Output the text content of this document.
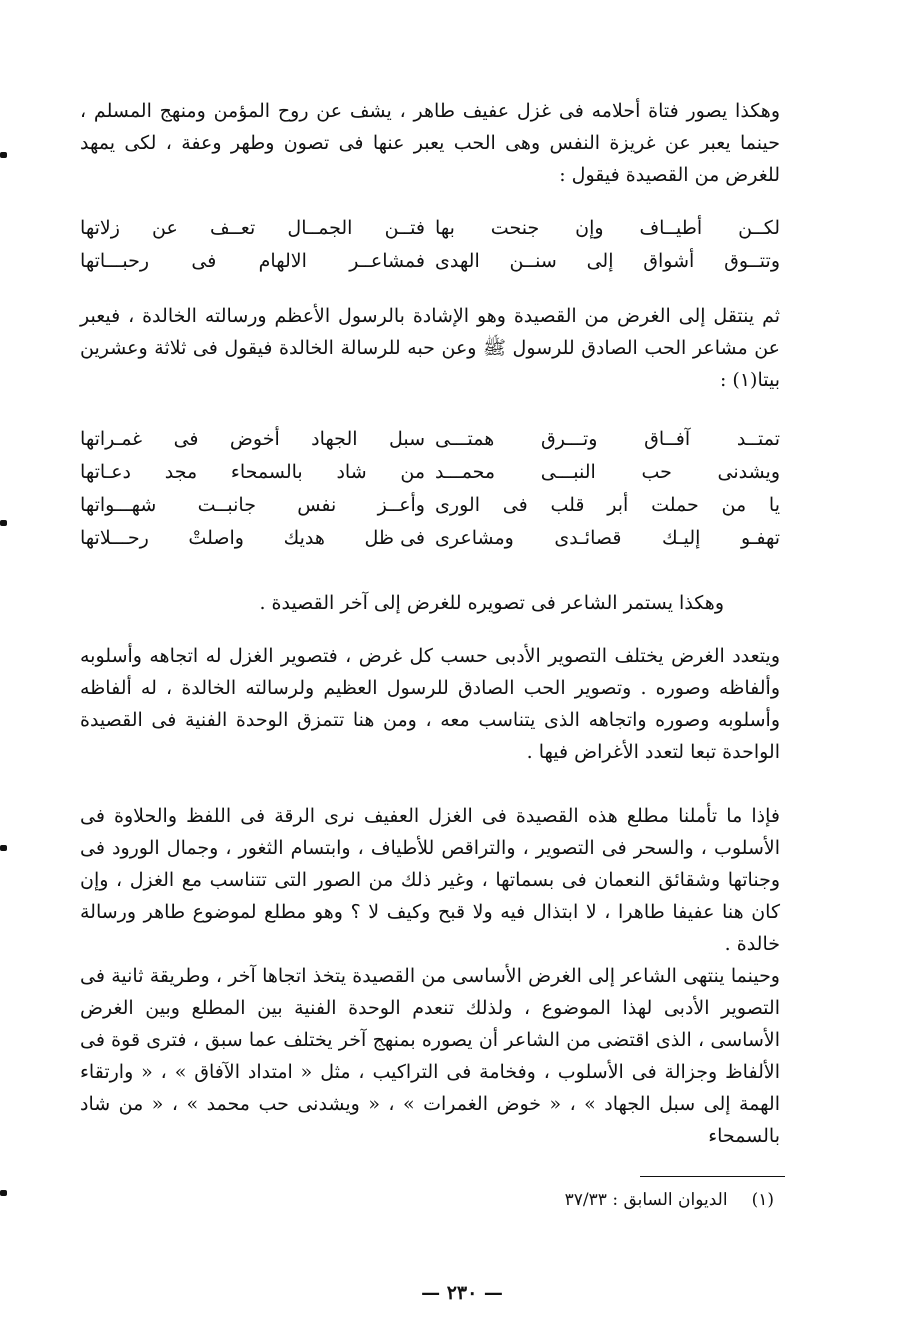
وهكذا يصور فتاة أحلامه فى غزل عفيف طاهر ، يشف عن روح المؤمن ومنهج المسلم ، حينما يعبر عن غريزة النفس وهى الحب يعبر عنها فى تصون وطهر وعفة ، لكى يمهد للغرض من القصيدة فيقول :

لكــن
أطيــاف
وإن
جنحت
بها
فتــن
الجمــال
تعــف
عن
زلاتها
وتتــوق
أشواق
إلى
سنــن
الهدى
فمشاعــر
الالهام
فى
رحبـــاتها

ثم ينتقل إلى الغرض من القصيدة وهو الإشادة بالرسول الأعظم ورسالته الخالدة ، فيعبر عن مشاعر الحب الصادق للرسول ﷺ وعن حبه للرسالة الخالدة فيقول فى ثلاثة وعشرين بيتا(١) :

تمتــد
آفــاق
وتـــرق
همتـــى
سبل
الجهاد
أخوض
فى
غمـراتها
ويشدنى
حب
النبـــى
محمـــد
من
شاد
بالسمحاء
مجد
دعـاتها
يا
من
حملت
أبر
قلب
فى
الورى
وأعــز
نفس
جانبــت
شهـــواتها
تهفـو
إليـك
قصائـدى
ومشاعرى
فى ظل
هديك
واصلتْ
رحـــلاتها
وهكذا يستمر الشاعر فى تصويره للغرض إلى آخر القصيدة .

ويتعدد الغرض يختلف التصوير الأدبى حسب كل غرض ، فتصوير الغزل له اتجاهه وأسلوبه وألفاظه وصوره . وتصوير الحب الصادق للرسول العظيم ولرسالته الخالدة ، له ألفاظه وأسلوبه وصوره واتجاهه الذى يتناسب معه ، ومن هنا تتمزق الوحدة الفنية فى القصيدة الواحدة تبعا لتعدد الأغراض فيها .

فإذا ما تأملنا مطلع هذه القصيدة فى الغزل العفيف نرى الرقة فى اللفظ والحلاوة فى الأسلوب ، والسحر فى التصوير ، والتراقص للأطياف ، وابتسام الثغور ، وجمال الورود فى وجناتها وشقائق النعمان فى بسماتها ، وغير ذلك من الصور التى تتناسب مع الغزل ، وإن كان هنا عفيفا طاهرا ، لا ابتذال فيه ولا قبح وكيف لا ؟ وهو مطلع لموضوع طاهر ورسالة خالدة .

وحينما ينتهى الشاعر إلى الغرض الأساسى من القصيدة يتخذ اتجاها آخر ، وطريقة ثانية فى التصوير الأدبى لهذا الموضوع ، ولذلك تنعدم الوحدة الفنية بين المطلع وبين الغرض الأساسى ، الذى اقتضى من الشاعر أن يصوره بمنهج آخر يختلف عما سبق ، فترى قوة فى الألفاظ وجزالة فى الأسلوب ، وفخامة فى التراكيب ، مثل « امتداد الآفاق » ، « وارتقاء الهمة إلى سبل الجهاد » ، « خوض الغمرات » ، « ويشدنى حب محمد » ، « من شاد بالسمحاء

(١)الديوان السابق : ٣٧/٣٣
— ٢٣٠ —
